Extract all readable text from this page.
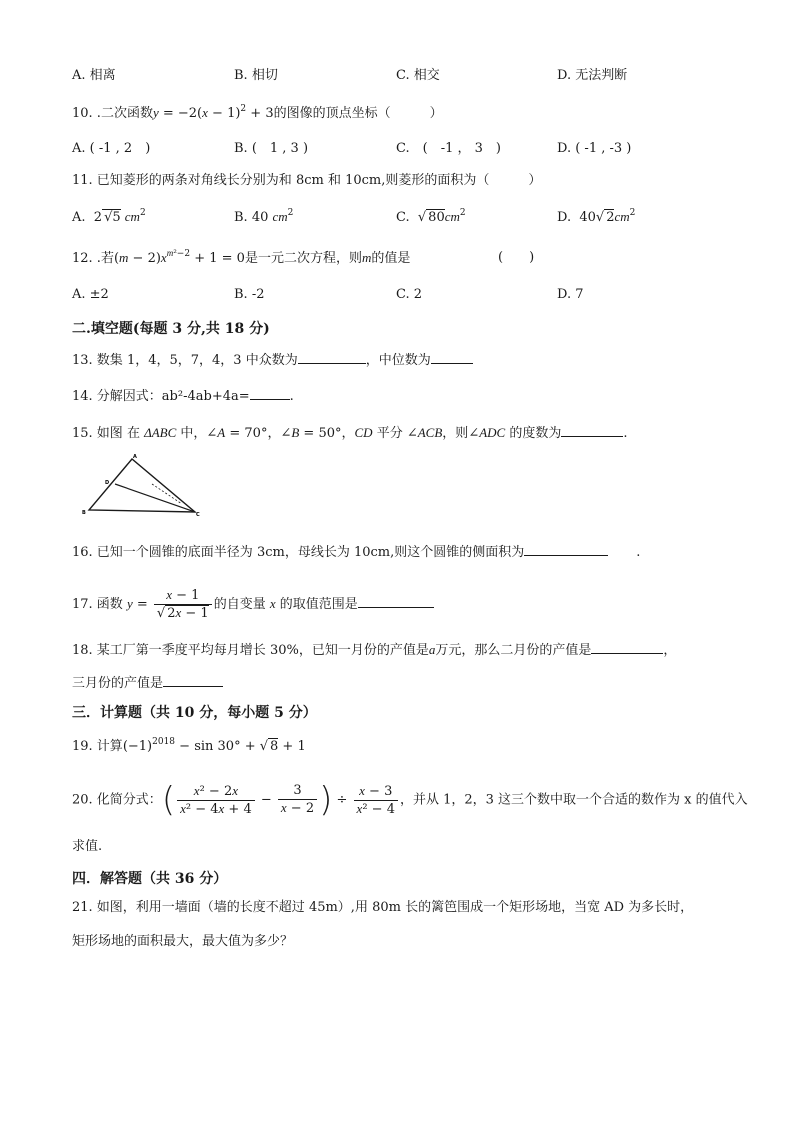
A. 相离	B. 相切	C. 相交	D. 无法判断
10. .二次函数$y = -2(x - 1)^2 + 3$的图像的顶点坐标（　　　）
A. ( -1 , 2　)	B. (　1 , 3 )	C.　(　-1 ， 3　)	D. ( -1 , -3 )
11. 已知菱形的两条对角线长分别为和 8cm 和 10cm,则菱形的面积为（　　　）
A.  2 √5 $cm^2$	B. 40 $cm^2$	C.  √ $80cm^2$	D.  40√ $2cm^2$
12. .若$(m - 2)x^{m^2-2} + 1 = 0$是一元二次方程，则m的值是	(　　)
A. ±2	B. -2	C. 2	D. 7
二.填空题(每题 3 分,共 18 分)
13. 数集 1，4，5，7，4，3 中众数为	，中位数为
14. 分解因式：ab²-4ab+4a=	.
15. 如图 在 ΔABC 中，∠A = 70°，∠B = 50°，CD 平分 ∠ACB，则∠ADC 的度数为	.
A
D
B	C
16. 已知一个圆锥的底面半径为 3cm，母线长为 10cm,则这个圆锥的侧面积为	.
17. 函数 $y = \frac{x - 1}{√ 2x - 1}$ 的自变量 x 的取值范围是
18. 某工厂第一季度平均每月增长 30%，已知一月份的产值是a万元，那么二月份的产值是	，
三月份的产值是
三．计算题（共 10 分，每小题 5 分）
19. 计算$(-1)^{2018} - \sin 30^\circ$ + √ 8 + 1
20. 化简分式：( $\frac{\text{x² − 2x}}{\text{x² − 4x + 4}} - \frac{3}{x - 2}$ ) ÷ $\frac{x - 3}{\text{x² − 4}}$ ，并从 1，2，3 这三个数中取一个合适的数作为 x 的值代入
求值.
四．解答题（共 36 分）
21. 如图，利用一墙面（墙的长度不超过 45m）,用 80m 长的篱笆围成一个矩形场地，当宽 AD 为多长时，
矩形场地的面积最大，最大值为多少？
